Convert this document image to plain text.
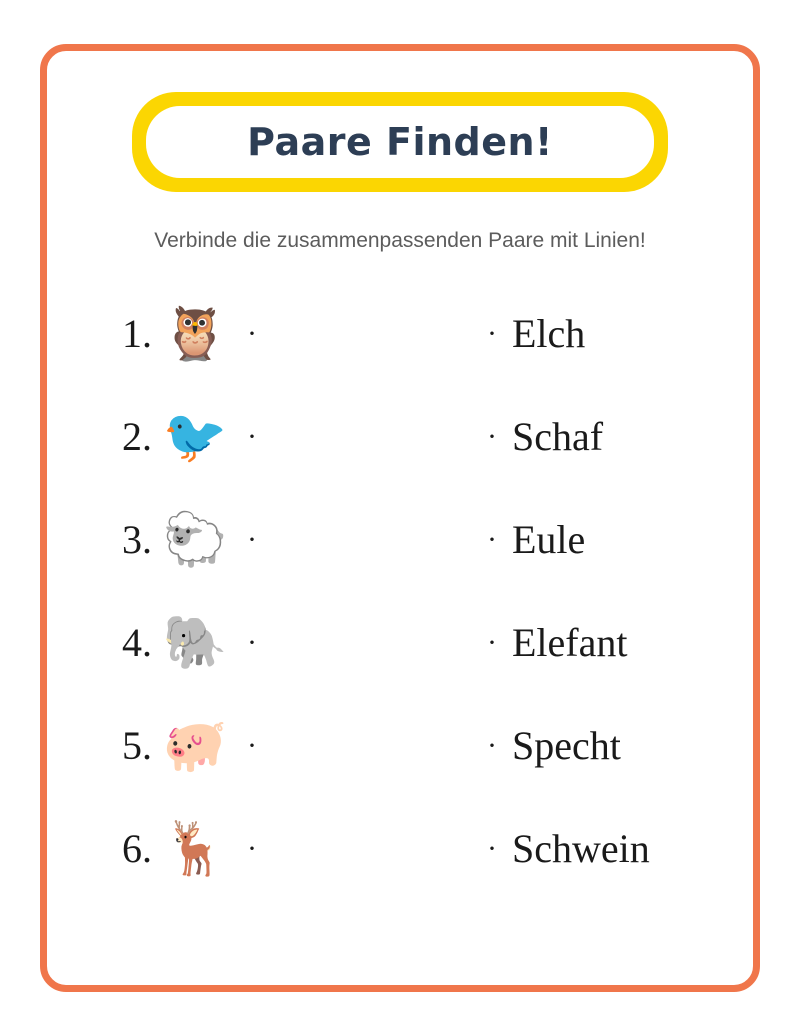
Paare Finden!
Verbinde die zusammenpassenden Paare mit Linien!
1. 🦉 ·	· Elch
2. 🐦 ·	· Schaf
3. 🐑 ·	· Eule
4. 🐘 ·	· Elefant
5. 🐖 ·	· Specht
6. 🦌 ·	· Schwein
